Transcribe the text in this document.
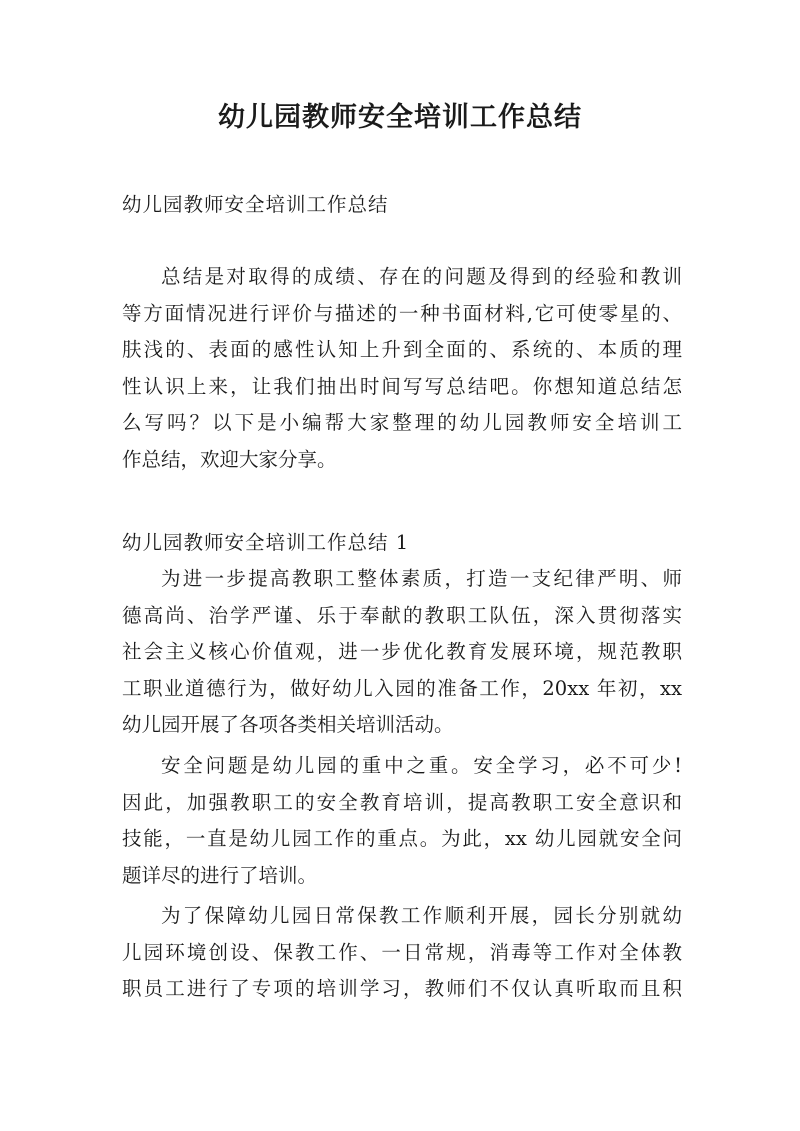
幼儿园教师安全培训工作总结

幼儿园教师安全培训工作总结

总结是对取得的成绩、存在的问题及得到的经验和教训
等方面情况进行评价与描述的一种书面材料,它可使零星的、
肤浅的、表面的感性认知上升到全面的、系统的、本质的理
性认识上来，让我们抽出时间写写总结吧。你想知道总结怎
么写吗？以下是小编帮大家整理的幼儿园教师安全培训工
作总结，欢迎大家分享。

幼儿园教师安全培训工作总结 1

为进一步提高教职工整体素质，打造一支纪律严明、师
德高尚、治学严谨、乐于奉献的教职工队伍，深入贯彻落实
社会主义核心价值观，进一步优化教育发展环境，规范教职
工职业道德行为，做好幼儿入园的准备工作，20xx 年初，xx
幼儿园开展了各项各类相关培训活动。
安全问题是幼儿园的重中之重。安全学习，必不可少!
因此，加强教职工的安全教育培训，提高教职工安全意识和
技能，一直是幼儿园工作的重点。为此，xx 幼儿园就安全问
题详尽的进行了培训。
为了保障幼儿园日常保教工作顺利开展，园长分别就幼
儿园环境创设、保教工作、一日常规，消毒等工作对全体教
职员工进行了专项的培训学习，教师们不仅认真听取而且积
